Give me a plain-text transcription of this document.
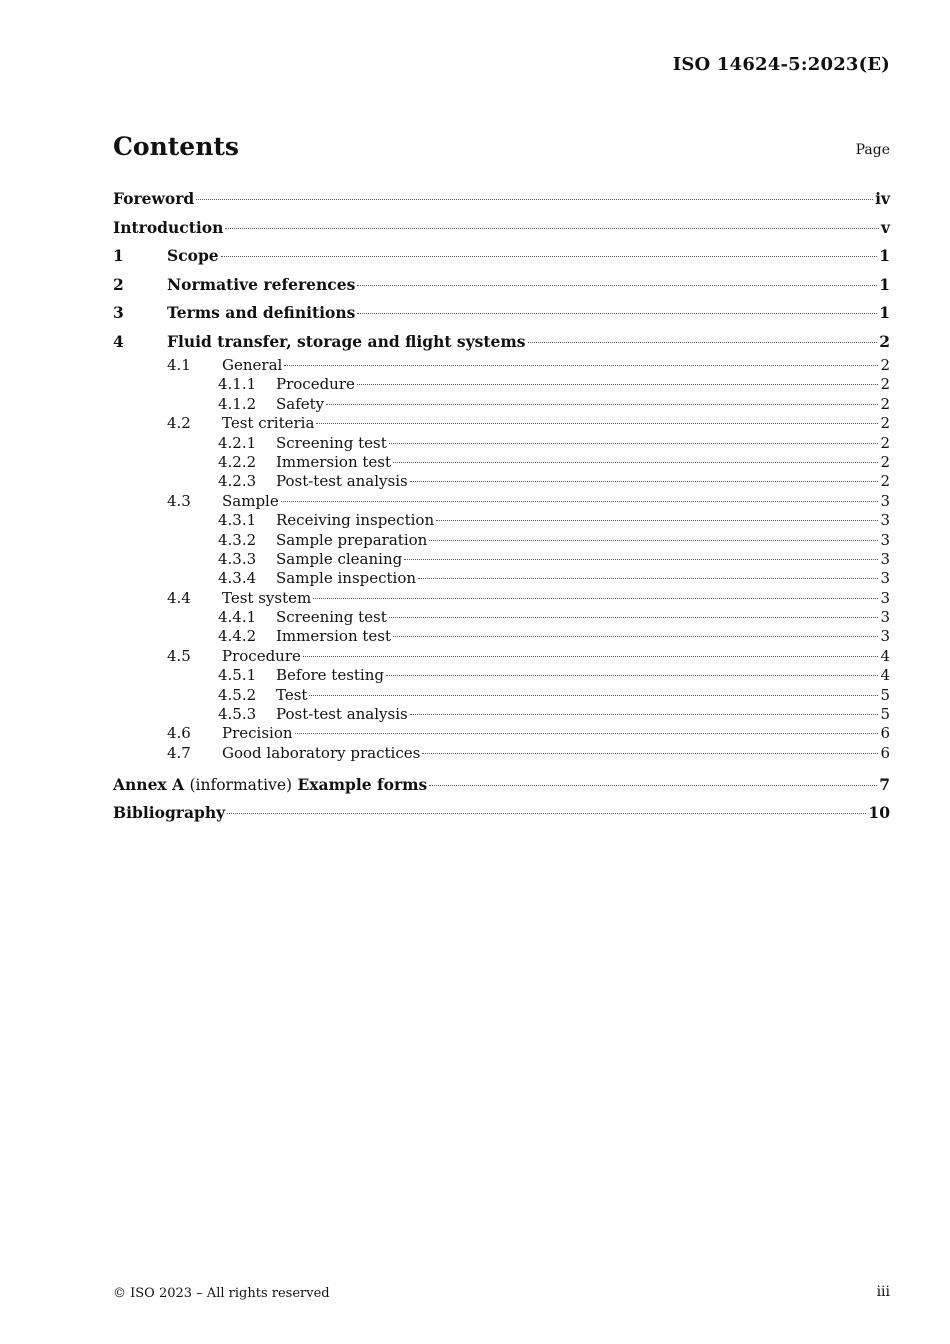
ISO 14624-5:2023(E)
Contents	Page
Foreword	iv
Introduction	v
1	Scope	1
2	Normative references	1
3	Terms and definitions	1
4	Fluid transfer, storage and flight systems	2
4.1	General	2
4.1.1	Procedure	2
4.1.2	Safety	2
4.2	Test criteria	2
4.2.1	Screening test	2
4.2.2	Immersion test	2
4.2.3	Post-test analysis	2
4.3	Sample	3
4.3.1	Receiving inspection	3
4.3.2	Sample preparation	3
4.3.3	Sample cleaning	3
4.3.4	Sample inspection	3
4.4	Test system	3
4.4.1	Screening test	3
4.4.2	Immersion test	3
4.5	Procedure	4
4.5.1	Before testing	4
4.5.2	Test	5
4.5.3	Post-test analysis	5
4.6	Precision	6
4.7	Good laboratory practices	6
Annex A (informative) Example forms	7
Bibliography	10
© ISO 2023 – All rights reserved	iii
